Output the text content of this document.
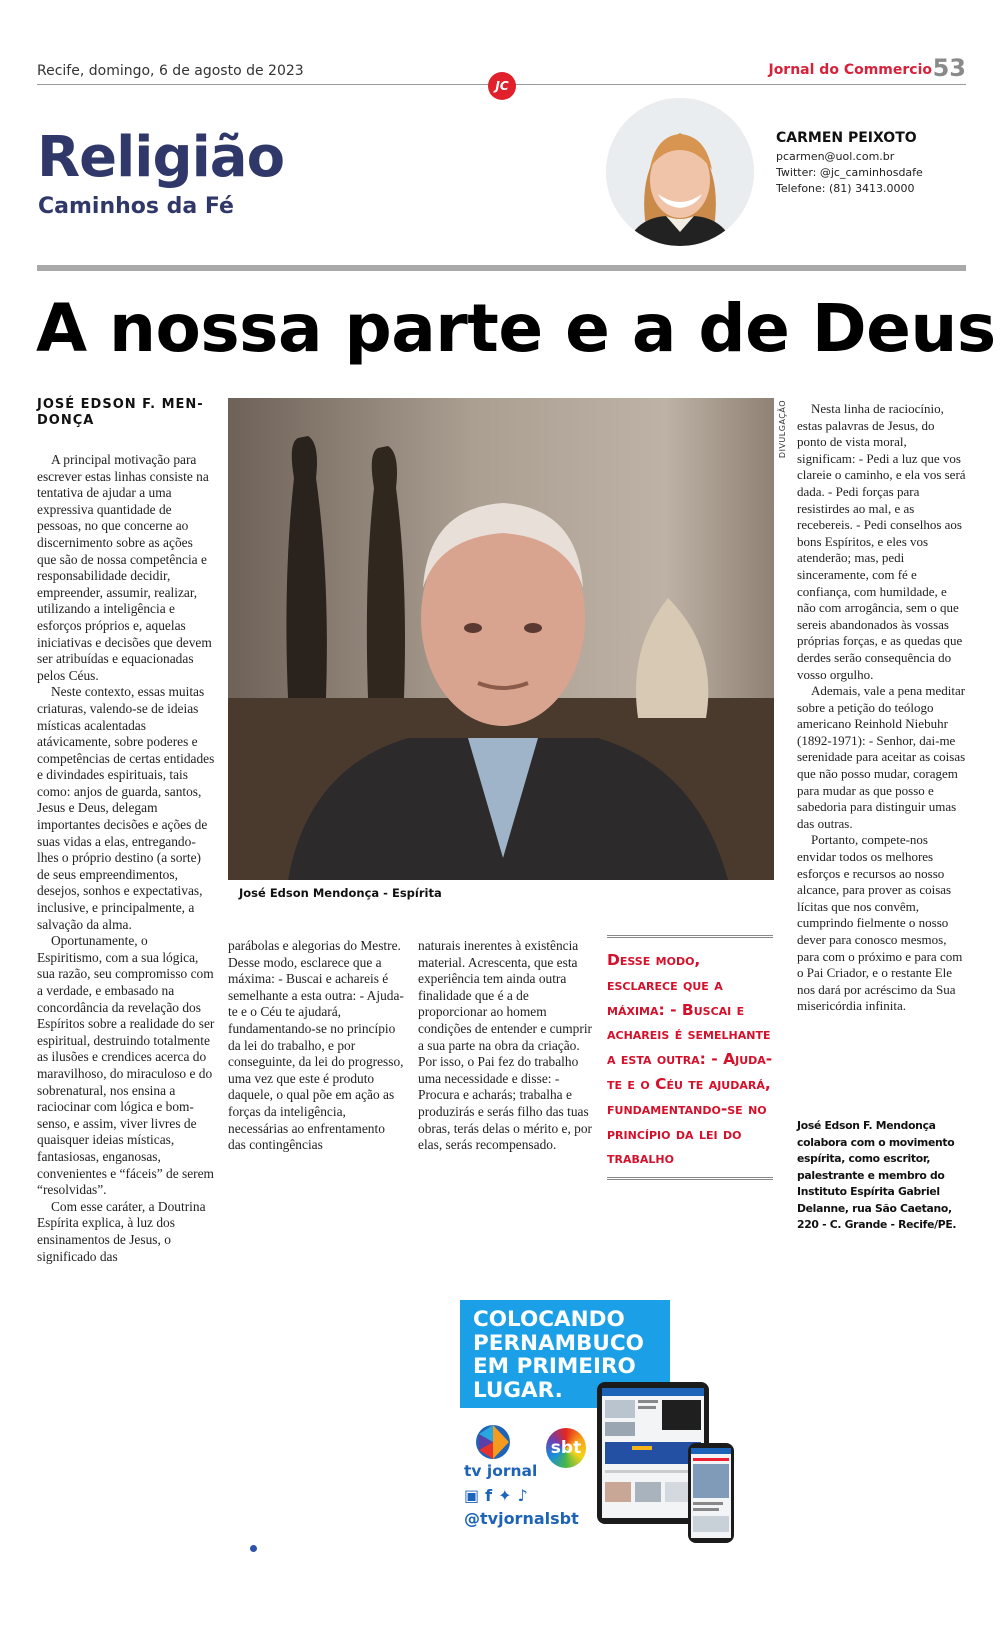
Recife, domingo, 6 de agosto de 2023
JC
Jornal do Commercio 53
Religião
Caminhos da Fé
CARMEN PEIXOTO
pcarmen@uol.com.br
Twitter: @jc_caminhosdafe
Telefone: (81) 3413.0000
A nossa parte e a de Deus
JOSÉ EDSON F. MEN-DONÇA

A principal motivação para escrever estas linhas consiste na tentativa de ajudar a uma expressiva quantidade de pessoas, no que concerne ao discernimento sobre as ações que são de nossa competência e responsabilidade decidir, empreender, assumir, realizar, utilizando a inteligência e esforços próprios e, aquelas iniciativas e decisões que devem ser atribuídas e equacionadas pelos Céus.

Neste contexto, essas muitas criaturas, valendo-se de ideias místicas acalentadas atávicamente, sobre poderes e competências de certas entidades e divindades espirituais, tais como: anjos de guarda, santos, Jesus e Deus, delegam importantes decisões e ações de suas vidas a elas, entregando-lhes o próprio destino (a sorte) de seus empreendimentos, desejos, sonhos e expectativas, inclusive, e principalmente, a salvação da alma.

Oportunamente, o Espiritismo, com a sua lógica, sua razão, seu compromisso com a verdade, e embasado na concordância da revelação dos Espíritos sobre a realidade do ser espiritual, destruindo totalmente as ilusões e crendices acerca do maravilhoso, do miraculoso e do sobrenatural, nos ensina a raciocinar com lógica e bom-senso, e assim, viver livres de quaisquer ideias místicas, fantasiosas, enganosas, convenientes e “fáceis” de serem “resolvidas”.

Com esse caráter, a Doutrina Espírita explica, à luz dos ensinamentos de Jesus, o significado das

DIVULGAÇÃO
José Edson Mendonça - Espírita

parábolas e alegorias do Mestre. Desse modo, esclarece que a máxima: - Buscai e achareis é semelhante a esta outra: - Ajuda-te e o Céu te ajudará, fundamentando-se no princípio da lei do trabalho, e por conseguinte, da lei do progresso, uma vez que este é produto daquele, o qual põe em ação as forças da inteligência, necessárias ao enfrentamento das contingências

naturais inerentes à existência material. Acrescenta, que esta experiência tem ainda outra finalidade que é a de proporcionar ao homem condições de entender e cumprir a sua parte na obra da criação. Por isso, o Pai fez do trabalho uma necessidade e disse: - Procura e acharás; trabalha e produzirás e serás filho das tuas obras, terás delas o mérito e, por elas, serás recompensado.

Desse modo, esclarece que a máxima: - Buscai e achareis é semelhante a esta outra: - Ajuda-te e o Céu te ajudará, fundamentando-se no princípio da lei do trabalho

Nesta linha de raciocínio, estas palavras de Jesus, do ponto de vista moral, significam: - Pedi a luz que vos clareie o caminho, e ela vos será dada. - Pedi forças para resistirdes ao mal, e as recebereis. - Pedi conselhos aos bons Espíritos, e eles vos atenderão; mas, pedi sinceramente, com fé e confiança, com humildade, e não com arrogância, sem o que sereis abandonados às vossas próprias forças, e as quedas que derdes serão consequência do vosso orgulho.

Ademais, vale a pena meditar sobre a petição do teólogo americano Reinhold Niebuhr (1892-1971): - Senhor, dai-me serenidade para aceitar as coisas que não posso mudar, coragem para mudar as que posso e sabedoria para distinguir umas das outras.

Portanto, compete-nos envidar todos os melhores esforços e recursos ao nosso alcance, para prover as coisas lícitas que nos convêm, cumprindo fielmente o nosso dever para conosco mesmos, para com o próximo e para com o Pai Criador, e o restante Ele nos dará por acréscimo da Sua misericórdia infinita.

José Edson F. Mendonça colabora com o movimento espírita, como escritor, palestrante e membro do Instituto Espírita Gabriel Delanne, rua São Caetano, 220 - C. Grande - Recife/PE.
COLOCANDO PERNAMBUCO EM PRIMEIRO LUGAR.
tv jornal
sbt
▣f✦♪
@tvjornalsbt
